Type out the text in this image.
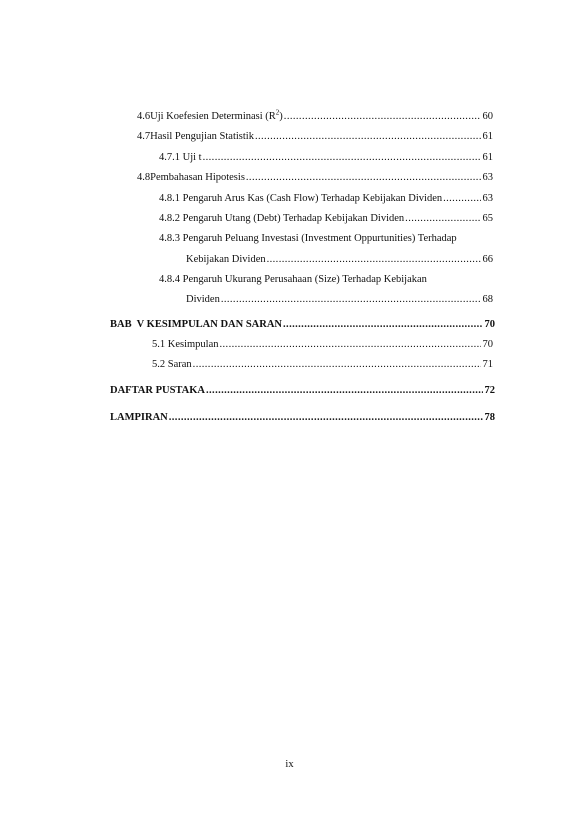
4.6 Uji Koefesien Determinasi $(R^2)$ .....	60
4.7 Hasil Pengujian Statistik .....	61
4.7.1 Uji t .....	61
4.8 Pembahasan Hipotesis .....	63
4.8.1 Pengaruh Arus Kas (Cash Flow) Terhadap Kebijakan Dividen .....	63
4.8.2 Pengaruh Utang (Debt) Terhadap Kebijakan Dividen .....	65
4.8.3 Pengaruh Peluang Investasi (Investment Oppurtunities) Terhadap
Kebijakan Dividen .....	66
4.8.4 Pengaruh Ukurang Perusahaan (Size) Terhadap Kebijakan
Dividen .....	68
BAB  V KESIMPULAN DAN SARAN .....	70
5.1 Kesimpulan .....	70
5.2 Saran .....	71
DAFTAR PUSTAKA .....	72
LAMPIRAN .....	78
ix
